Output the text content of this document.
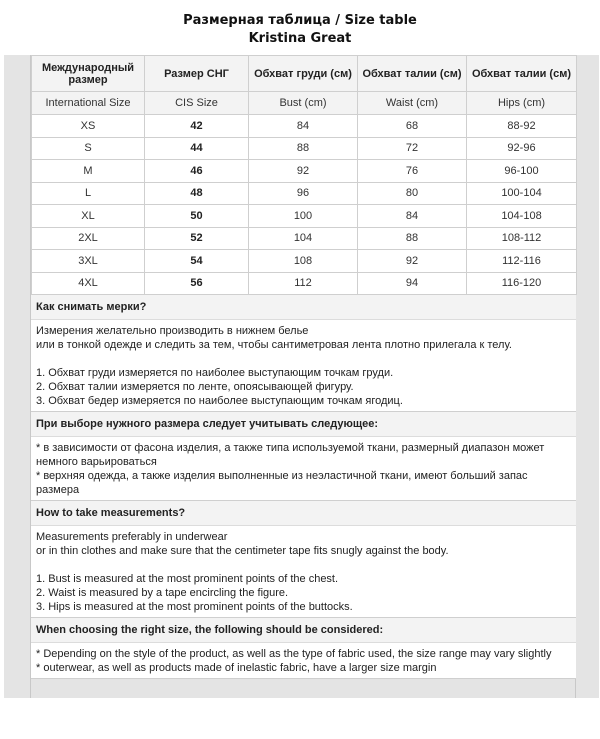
Размерная таблица / Size table
Kristina Great
Международный размер	Размер СНГ	Обхват груди (см)	Обхват талии (см)	Обхват талии (см)
International Size	CIS Size	Bust (cm)	Waist (cm)	Hips (cm)
XS	42	84	68	88-92
S	44	88	72	92-96
M	46	92	76	96-100
L	48	96	80	100-104
XL	50	100	84	104-108
2XL	52	104	88	108-112
3XL	54	108	92	112-116
4XL	56	112	94	116-120
Как снимать мерки?
Измерения желательно производить в нижнем белье
или в тонкой одежде и следить за тем, чтобы сантиметровая лента плотно прилегала к телу.
1. Обхват груди измеряется по наиболее выступающим точкам груди.
2. Обхват талии измеряется по ленте, опоясывающей фигуру.
3. Обхват бедер измеряется по наиболее выступающим точкам ягодиц.
При выборе нужного размера следует учитывать следующее:
* в зависимости от фасона изделия, а также типа используемой ткани, размерный диапазон может
немного варьироваться
* верхняя одежда, а также изделия выполненные из неэластичной ткани, имеют больший запас
размера
How to take measurements?
Measurements preferably in underwear
or in thin clothes and make sure that the centimeter tape fits snugly against the body.
1. Bust is measured at the most prominent points of the chest.
2. Waist is measured by a tape encircling the figure.
3. Hips is measured at the most prominent points of the buttocks.
When choosing the right size, the following should be considered:
* Depending on the style of the product, as well as the type of fabric used, the size range may vary slightly
* outerwear, as well as products made of inelastic fabric, have a larger size margin
